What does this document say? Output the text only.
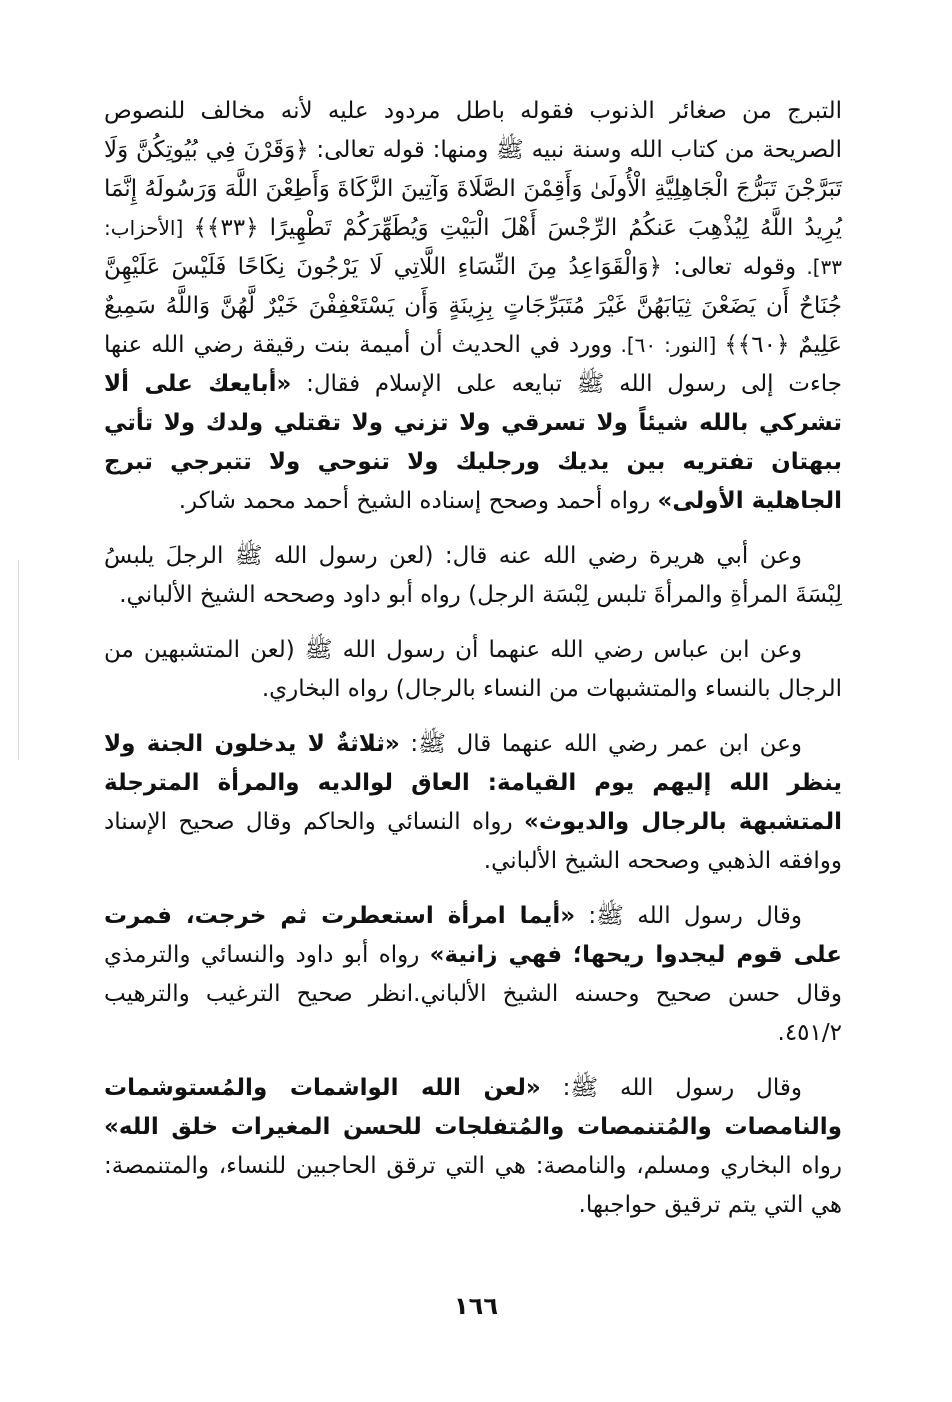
التبرج من صغائر الذنوب فقوله باطل مردود عليه لأنه مخالف للنصوص الصريحة من كتاب الله وسنة نبيه ﷺ ومنها: قوله تعالى: ﴿وَقَرْنَ فِي بُيُوتِكُنَّ وَلَا تَبَرَّجْنَ تَبَرُّجَ الْجَاهِلِيَّةِ الْأُولَىٰ وَأَقِمْنَ الصَّلَاةَ وَآتِينَ الزَّكَاةَ وَأَطِعْنَ اللَّهَ وَرَسُولَهُ إِنَّمَا يُرِيدُ اللَّهُ لِيُذْهِبَ عَنكُمُ الرِّجْسَ أَهْلَ الْبَيْتِ وَيُطَهِّرَكُمْ تَطْهِيرًا ﴿٣٣﴾﴾ [الأحزاب: ٣٣]. وقوله تعالى: ﴿وَالْقَوَاعِدُ مِنَ النِّسَاءِ اللَّاتِي لَا يَرْجُونَ نِكَاحًا فَلَيْسَ عَلَيْهِنَّ جُنَاحٌ أَن يَضَعْنَ ثِيَابَهُنَّ غَيْرَ مُتَبَرِّجَاتٍ بِزِينَةٍ وَأَن يَسْتَعْفِفْنَ خَيْرٌ لَّهُنَّ وَاللَّهُ سَمِيعٌ عَلِيمٌ ﴿٦٠﴾﴾ [النور: ٦٠]. وورد في الحديث أن أميمة بنت رقيقة رضي الله عنها جاءت إلى رسول الله ﷺ تبايعه على الإسلام فقال: «أبايعك على ألا تشركي بالله شيئاً ولا تسرقي ولا تزني ولا تقتلي ولدك ولا تأتي ببهتان تفتريه بين يديك ورجليك ولا تنوحي ولا تتبرجي تبرج الجاهلية الأولى» رواه أحمد وصحح إسناده الشيخ أحمد محمد شاكر.

وعن أبي هريرة رضي الله عنه قال: (لعن رسول الله ﷺ الرجلَ يلبسُ لِبْسَةَ المرأةِ والمرأةَ تلبس لِبْسَة الرجل) رواه أبو داود وصححه الشيخ الألباني.

وعن ابن عباس رضي الله عنهما أن رسول الله ﷺ (لعن المتشبهين من الرجال بالنساء والمتشبهات من النساء بالرجال) رواه البخاري.

وعن ابن عمر رضي الله عنهما قال ﷺ: «ثلاثةٌ لا يدخلون الجنة ولا ينظر الله إليهم يوم القيامة: العاق لوالديه والمرأة المترجلة المتشبهة بالرجال والديوث» رواه النسائي والحاكم وقال صحيح الإسناد ووافقه الذهبي وصححه الشيخ الألباني.

وقال رسول الله ﷺ: «أيما امرأة استعطرت ثم خرجت، فمرت على قوم ليجدوا ريحها؛ فهي زانية» رواه أبو داود والنسائي والترمذي وقال حسن صحيح وحسنه الشيخ الألباني.انظر صحيح الترغيب والترهيب ٤٥١/٢.

وقال رسول الله ﷺ: «لعن الله الواشمات والمُستوشمات والنامصات والمُتنمصات والمُتفلجات للحسن المغيرات خلق الله» رواه البخاري ومسلم، والنامصة: هي التي ترقق الحاجبين للنساء، والمتنمصة: هي التي يتم ترقيق حواجبها.

١٦٦
